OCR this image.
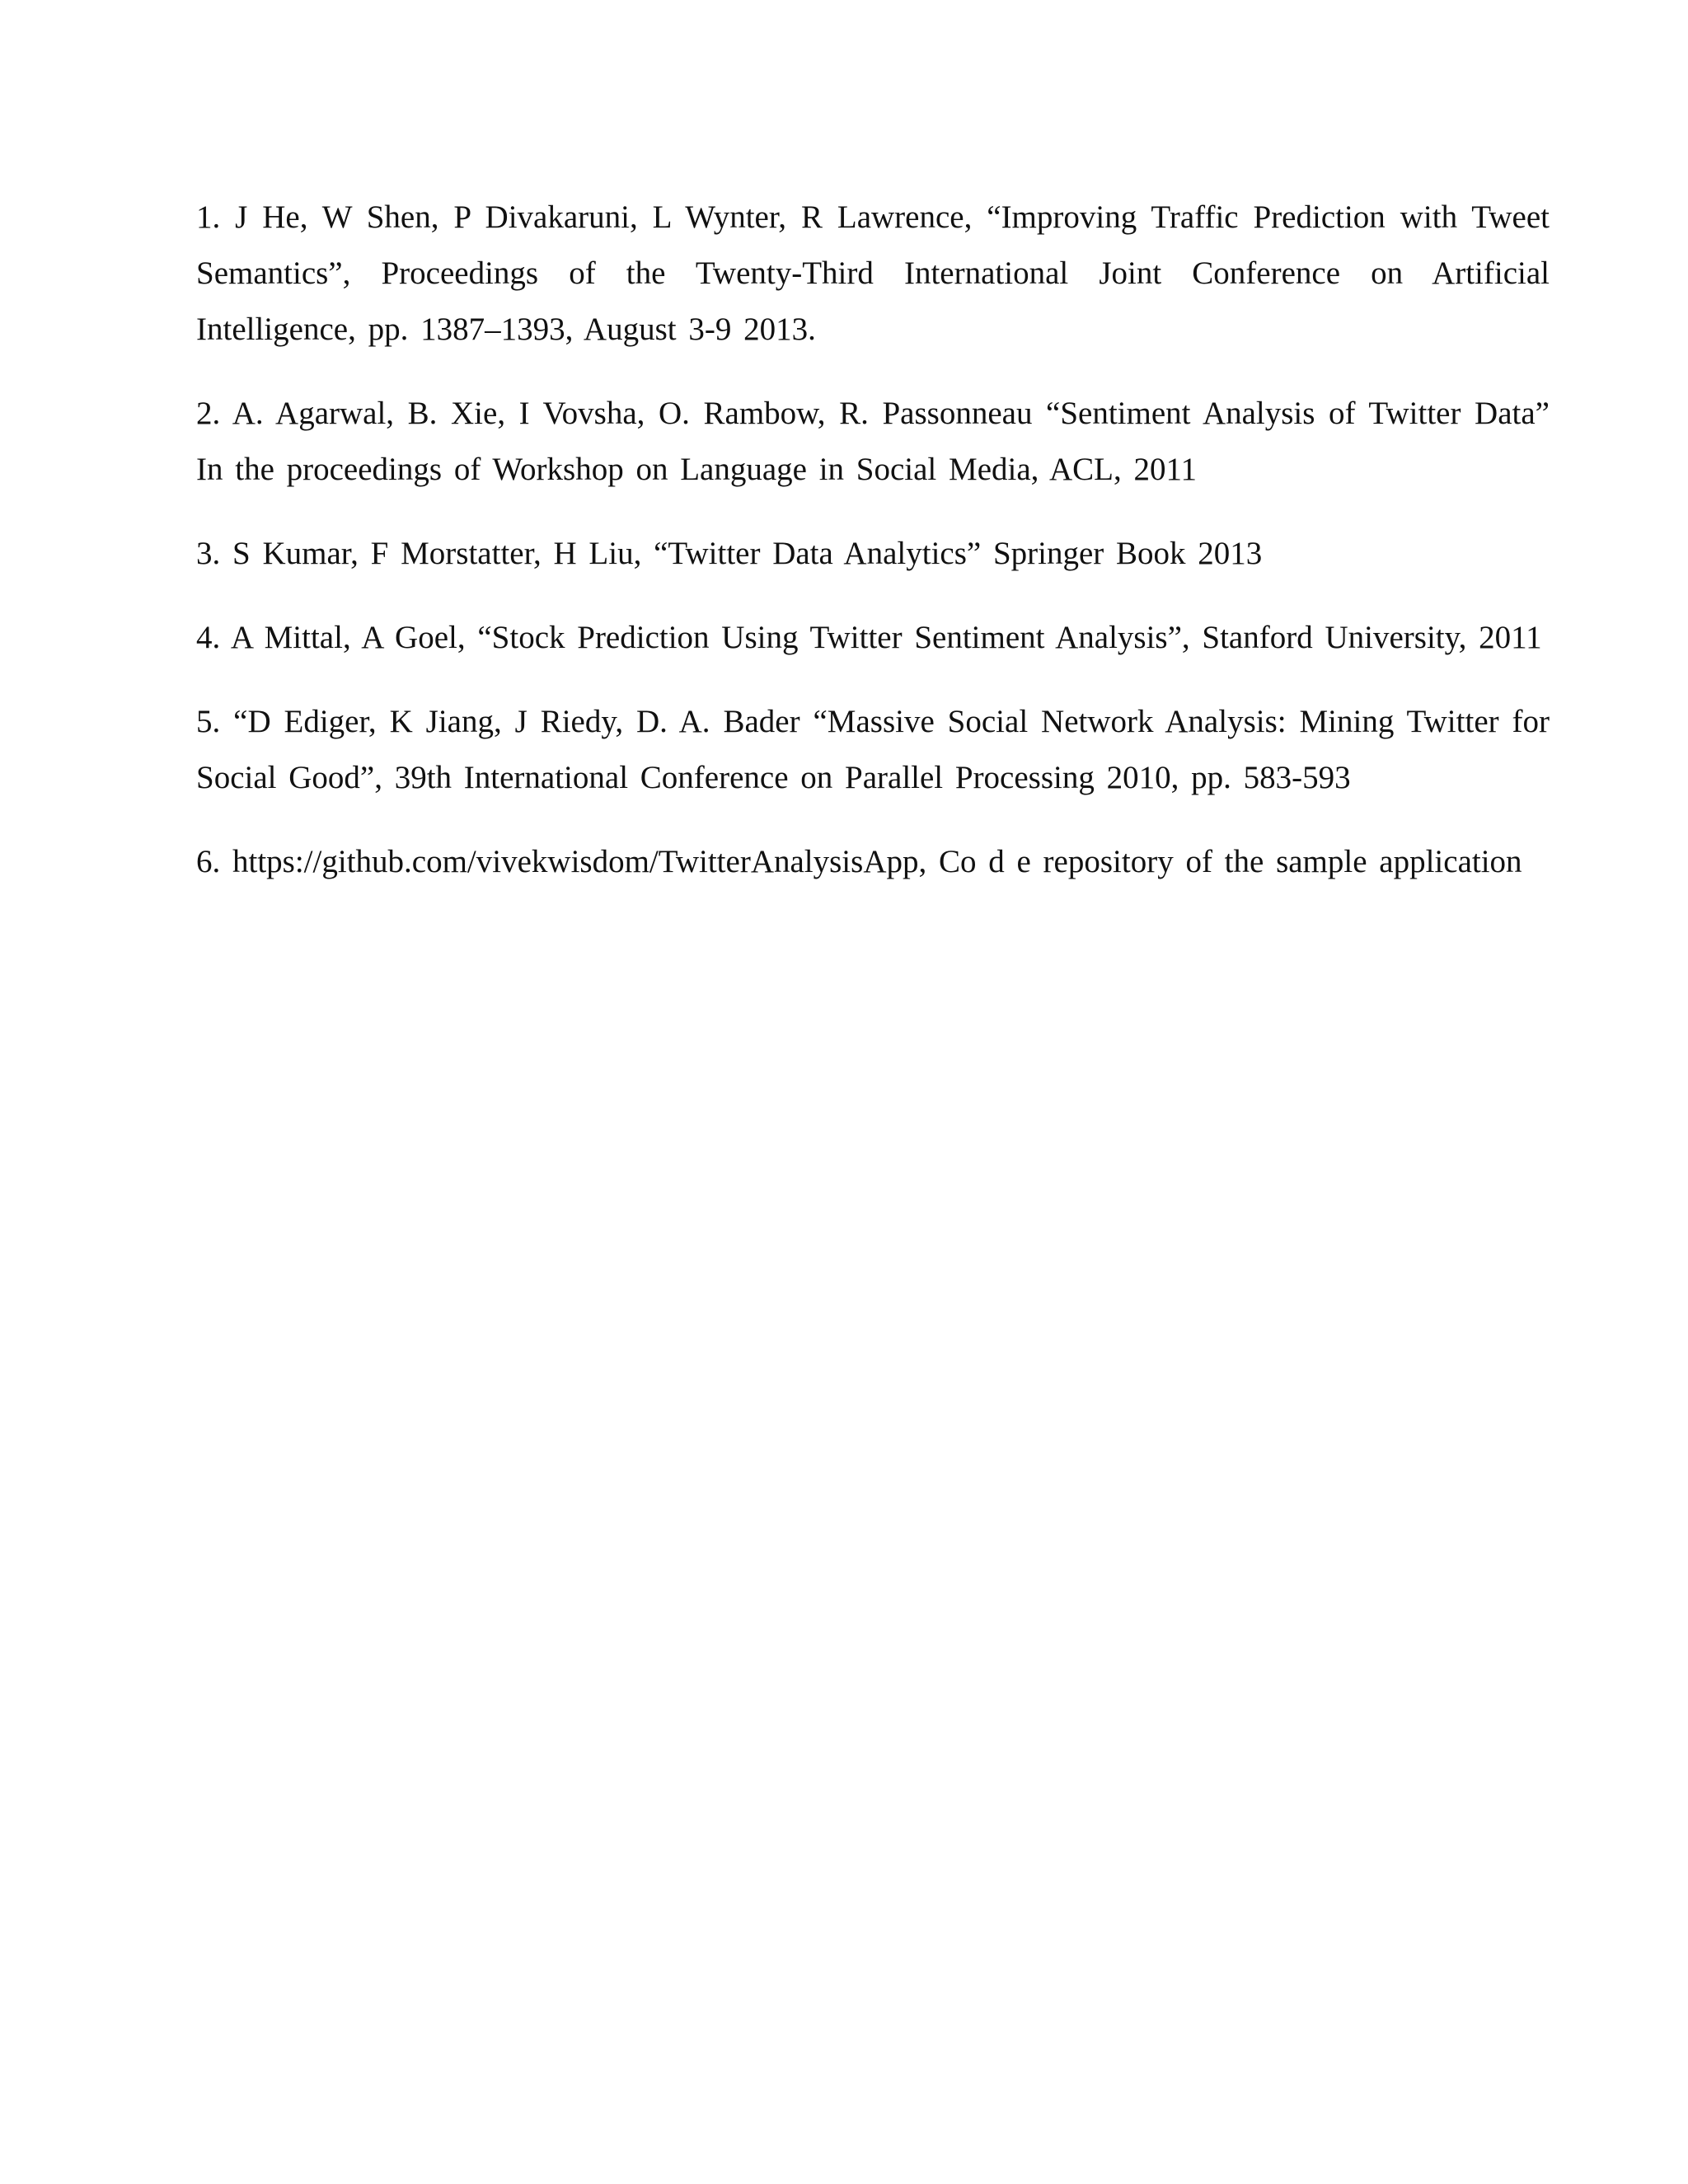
1. J He, W Shen, P Divakaruni, L Wynter, R Lawrence, “Improving Traffic Prediction with Tweet Semantics”, Proceedings of the Twenty-Third International Joint Conference on Artificial Intelligence, pp. 1387–1393, August 3-9 2013.

2. A. Agarwal, B. Xie, I Vovsha, O. Rambow, R. Passonneau “Sentiment Analysis of Twitter Data” In the proceedings of Workshop on Language in Social Media, ACL, 2011

3. S Kumar, F Morstatter, H Liu, “Twitter Data Analytics” Springer Book 2013

4. A Mittal, A Goel, “Stock Prediction Using Twitter Sentiment Analysis”, Stanford University, 2011

5. “D Ediger, K Jiang, J Riedy, D. A. Bader “Massive Social Network Analysis: Mining Twitter for Social Good”, 39th International Conference on Parallel Processing 2010, pp. 583-593

6. https://github.com/vivekwisdom/TwitterAnalysisApp, Co d e repository of the sample application
